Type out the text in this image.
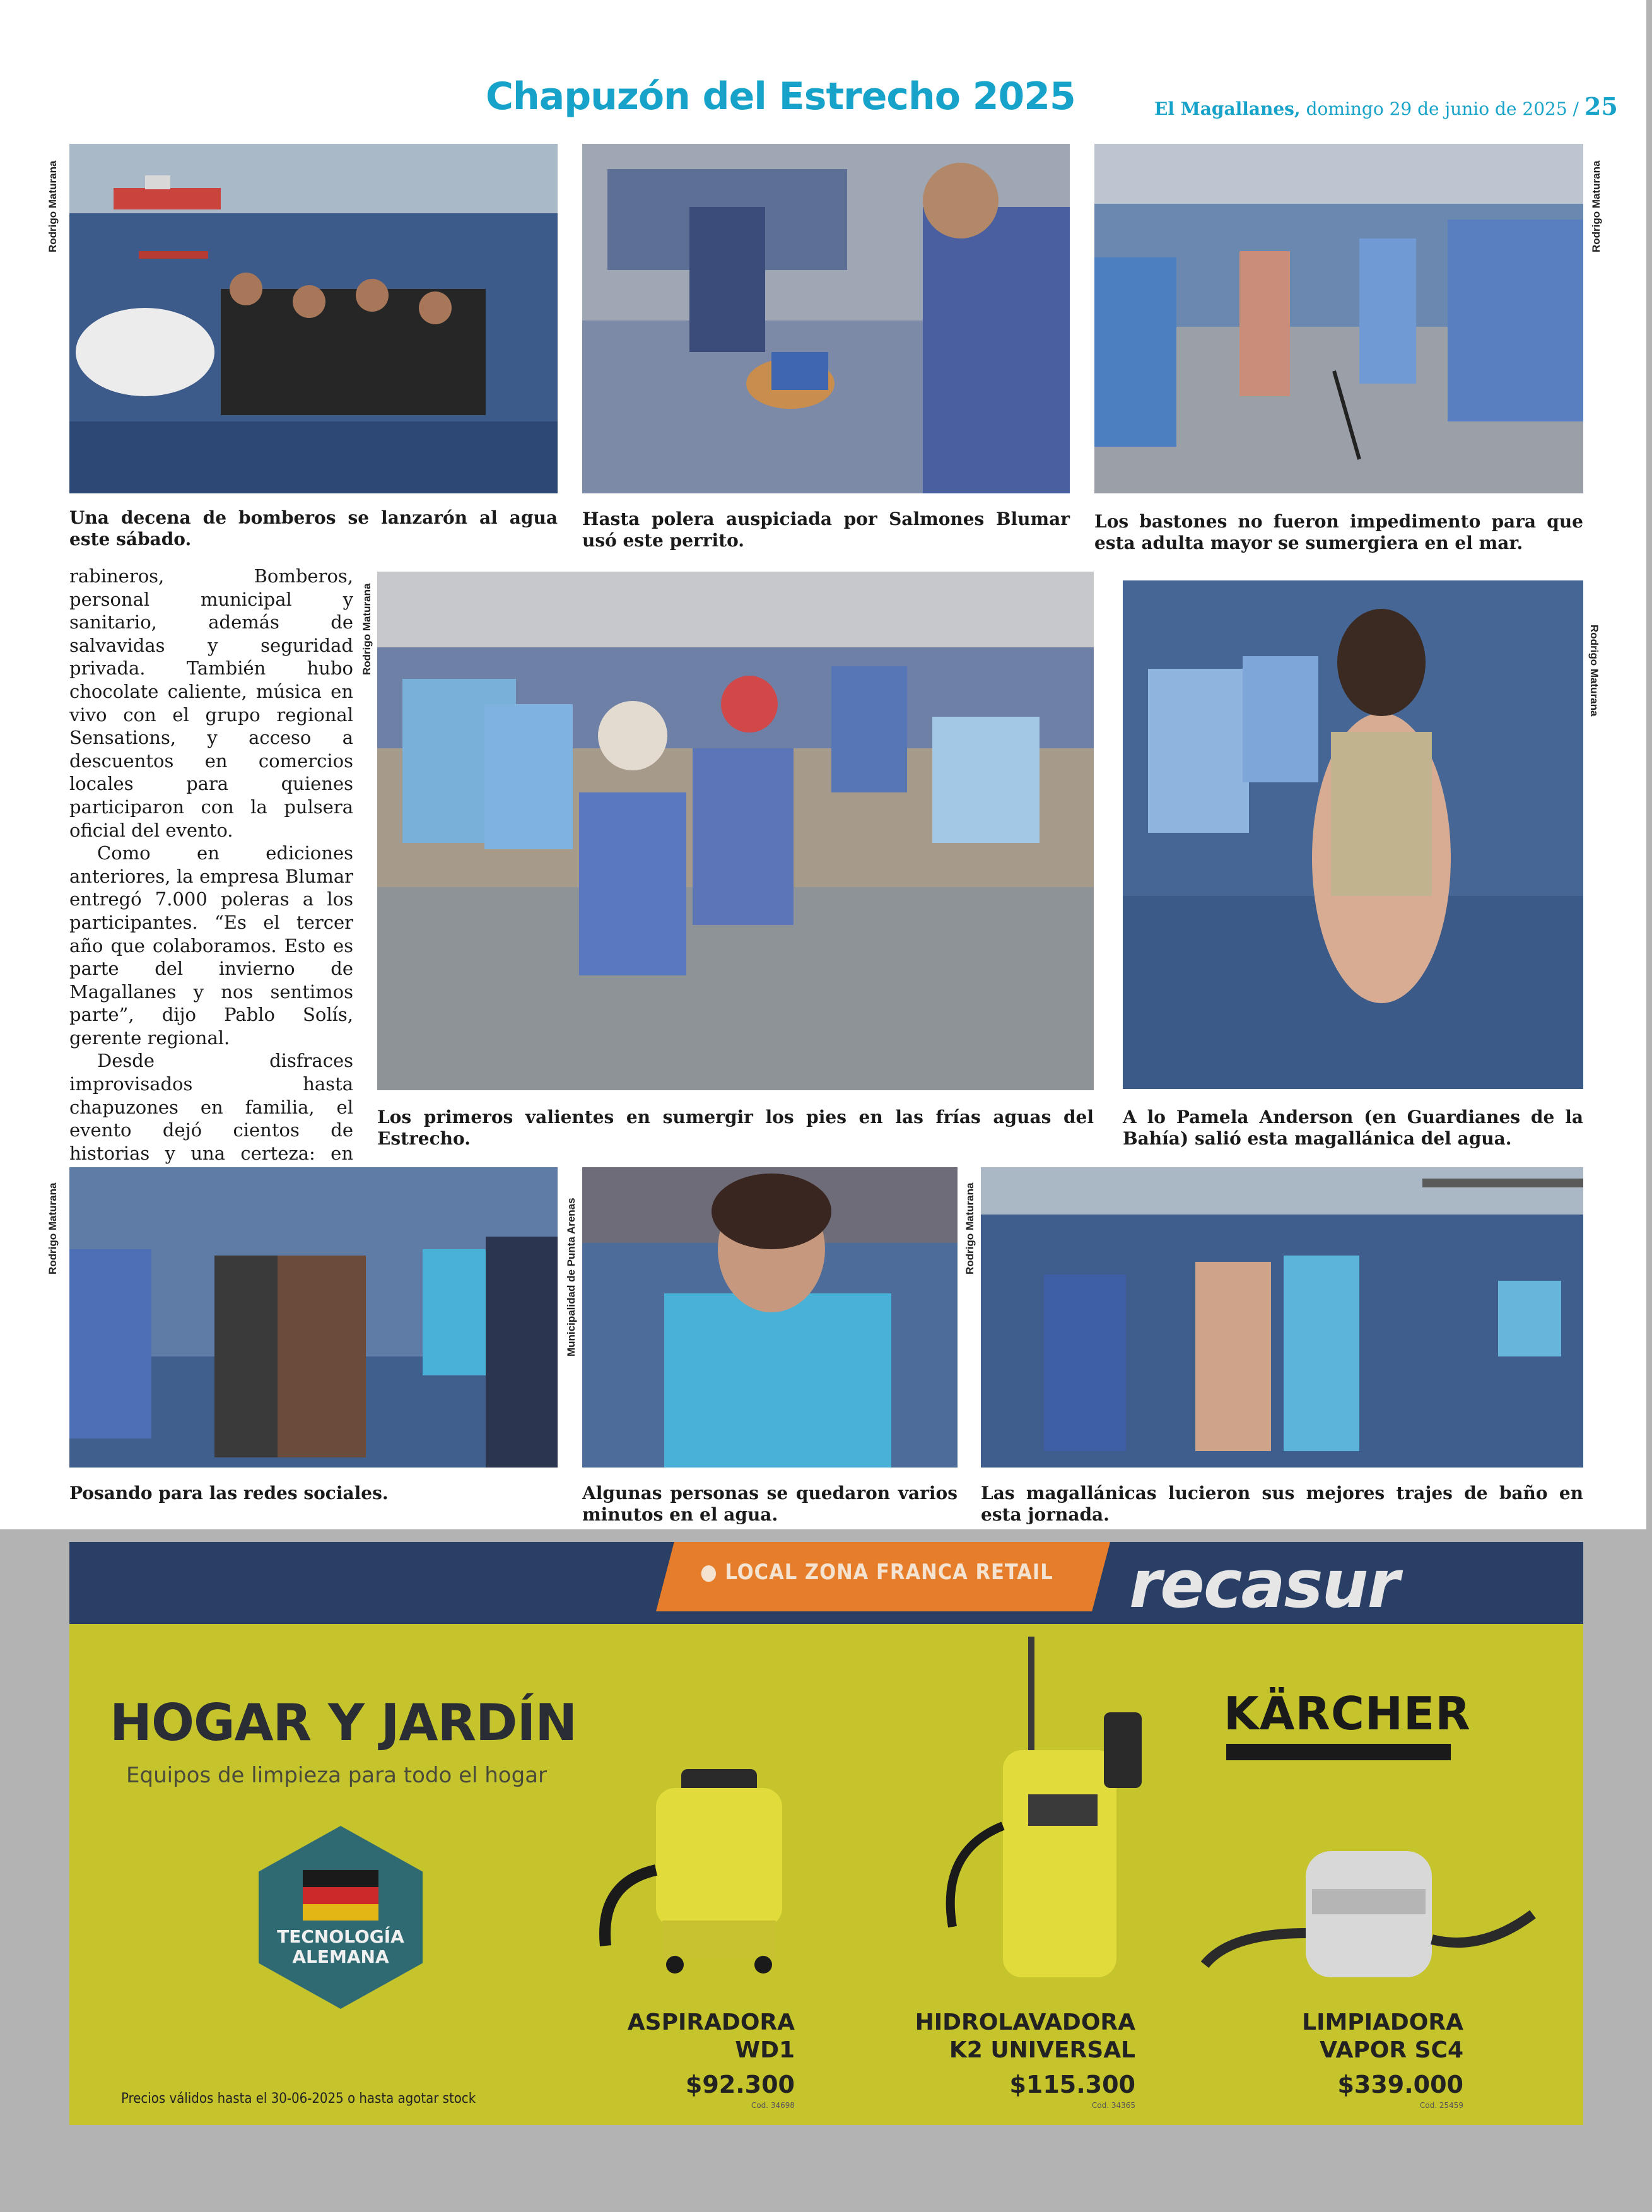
Chapuzón del Estrecho 2025	El Magallanes, domingo 29 de junio de 2025 / 25
Rodrigo Maturana	Rodrigo Maturana
Una decena de bomberos se lanzarón al agua este sábado.
Hasta polera auspiciada por Salmones Blumar usó este perrito.
Los bastones no fueron impedimento para que esta adulta mayor se sumergiera en el mar.

rabineros, Bomberos, personal municipal y sanitario, además de salvavidas y seguridad privada. También hubo chocolate caliente, música en vivo con el grupo regional Sensations, y acceso a descuentos en comercios locales para quienes participaron con la pulsera oficial del evento.

Como en ediciones anteriores, la empresa Blumar entregó 7.000 poleras a los participantes. “Es el tercer año que colaboramos. Esto es parte del invierno de Magallanes y nos sentimos parte”, dijo Pablo Solís, gerente regional.

Desde disfraces improvisados hasta chapuzones en familia, el evento dejó cientos de historias y una certeza: en

Rodrigo Maturana	Rodrigo Maturana
Los primeros valientes en sumergir los pies en las frías aguas del Estrecho.
A lo Pamela Anderson (en Guardianes de la Bahía) salió esta magallánica del agua.
Rodrigo Maturana	Municipalidad de Punta Arenas	Rodrigo Maturana
Posando para las redes sociales.	Algunas personas se quedaron varios minutos en el agua.
Las magallánicas lucieron sus mejores trajes de baño en esta jornada.
● LOCAL ZONA FRANCA RETAIL	recasur
HOGAR Y JARDÍN
Equipos de limpieza para todo el hogar
KÄRCHER
TECNOLOGÍA
ALEMANA
ASPIRADORA
WD1
$92.300
Cod. 34698
HIDROLAVADORA
K2 UNIVERSAL
$115.300
Cod. 34365
LIMPIADORA
VAPOR SC4
$339.000
Cod. 25459
Precios válidos hasta el 30-06-2025 o hasta agotar stock
